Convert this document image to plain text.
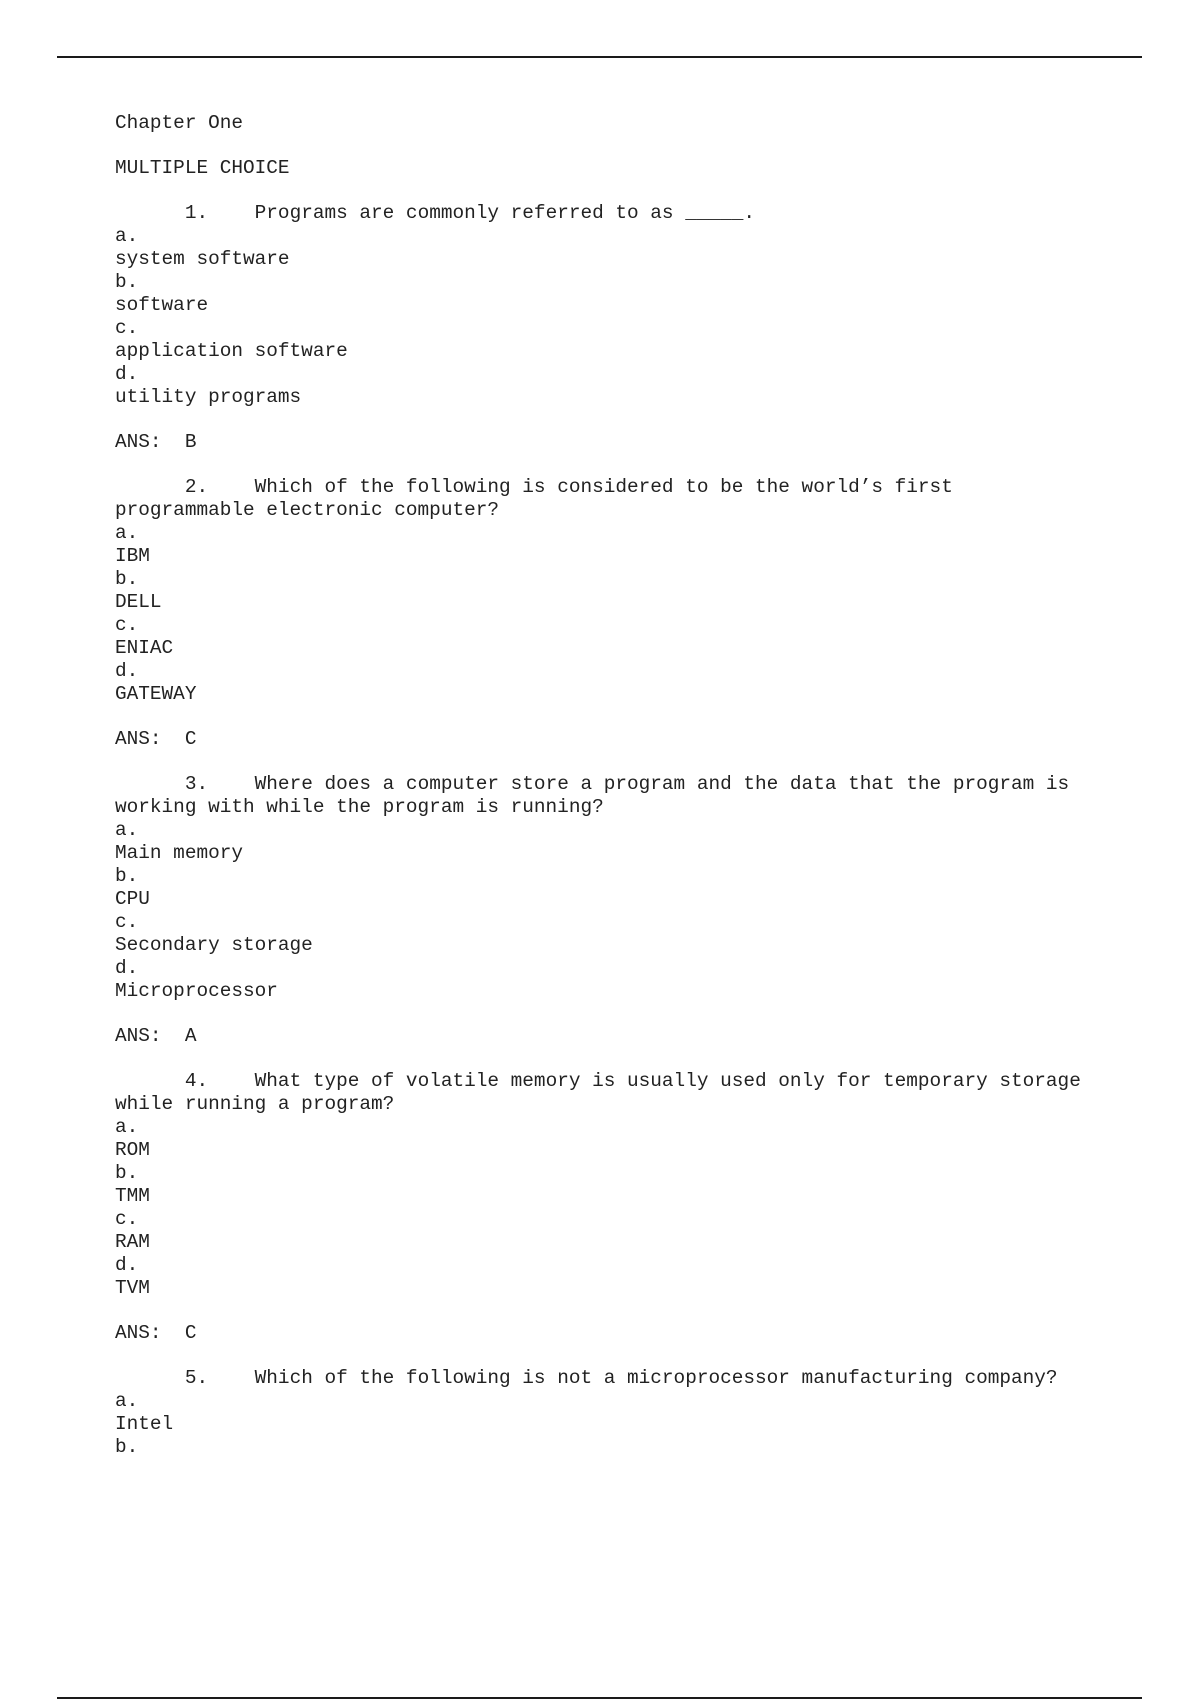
Chapter One
MULTIPLE CHOICE
1. Programs are commonly referred to as _____.
a.
system software
b.
software
c.
application software
d.
utility programs
ANS: B
2. Which of the following is considered to be the world’s first
programmable electronic computer?
a.
IBM
b.
DELL
c.
ENIAC
d.
GATEWAY
ANS: C
3. Where does a computer store a program and the data that the program is
working with while the program is running?
a.
Main memory
b.
CPU
c.
Secondary storage
d.
Microprocessor
ANS: A
4. What type of volatile memory is usually used only for temporary storage
while running a program?
a.
ROM
b.
TMM
c.
RAM
d.
TVM
ANS: C
5. Which of the following is not a microprocessor manufacturing company?
a.
Intel
b.
